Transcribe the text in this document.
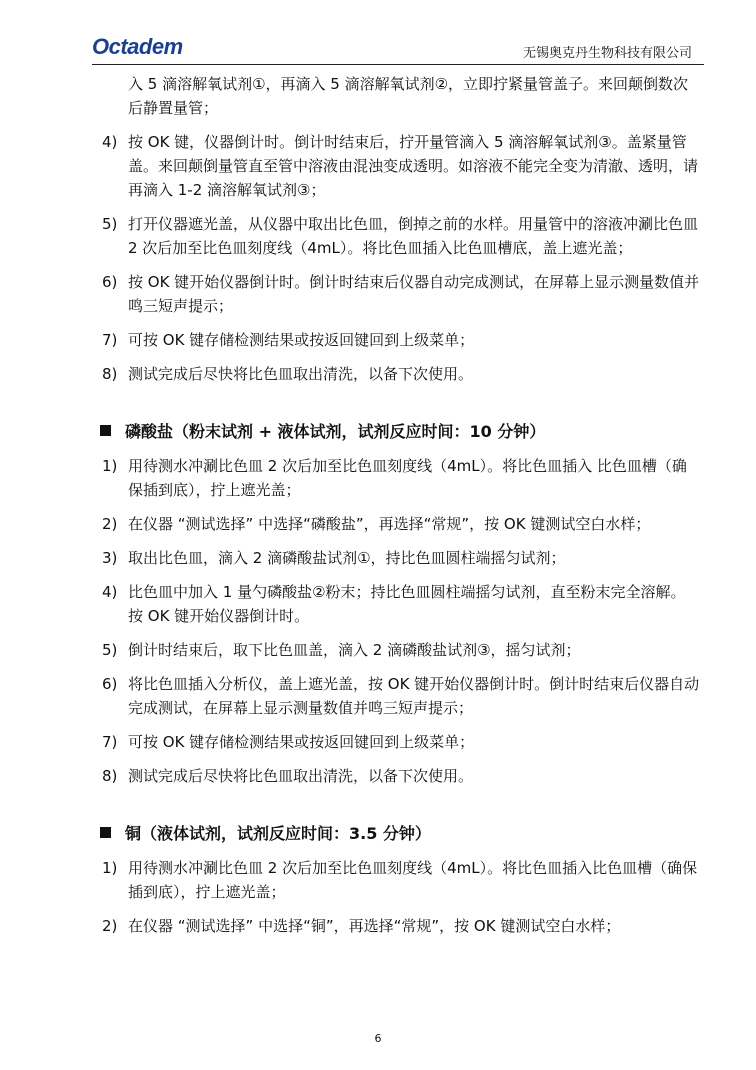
Octadem	无锡奥克丹生物科技有限公司
入 5 滴溶解氧试剂①，再滴入 5 滴溶解氧试剂②，立即拧紧量管盖子。来回颠倒数次后静置量管；
4) 按 OK 键，仪器倒计时。倒计时结束后，拧开量管滴入 5 滴溶解氧试剂③。盖紧量管盖。来回颠倒量管直至管中溶液由混浊变成透明。如溶液不能完全变为清澈、透明，请再滴入 1-2 滴溶解氧试剂③；
5) 打开仪器遮光盖，从仪器中取出比色皿，倒掉之前的水样。用量管中的溶液冲涮比色皿 2 次后加至比色皿刻度线（4mL）。将比色皿插入比色皿槽底，盖上遮光盖；
6) 按 OK 键开始仪器倒计时。倒计时结束后仪器自动完成测试，在屏幕上显示测量数值并鸣三短声提示；
7) 可按 OK 键存储检测结果或按返回键回到上级菜单；
8) 测试完成后尽快将比色皿取出清洗，以备下次使用。
磷酸盐（粉末试剂 + 液体试剂，试剂反应时间：10 分钟）
1) 用待测水冲涮比色皿 2 次后加至比色皿刻度线（4mL）。将比色皿插入 比色皿槽（确保插到底），拧上遮光盖；
2) 在仪器 “测试选择” 中选择“磷酸盐”，再选择“常规”，按 OK 键测试空白水样；
3) 取出比色皿，滴入 2 滴磷酸盐试剂①，持比色皿圆柱端摇匀试剂；
4) 比色皿中加入 1 量勺磷酸盐②粉末；持比色皿圆柱端摇匀试剂，直至粉末完全溶解。按 OK 键开始仪器倒计时。
5) 倒计时结束后，取下比色皿盖，滴入 2 滴磷酸盐试剂③，摇匀试剂；
6) 将比色皿插入分析仪，盖上遮光盖，按 OK 键开始仪器倒计时。倒计时结束后仪器自动完成测试，在屏幕上显示测量数值并鸣三短声提示；
7) 可按 OK 键存储检测结果或按返回键回到上级菜单；
8) 测试完成后尽快将比色皿取出清洗，以备下次使用。
铜（液体试剂，试剂反应时间：3.5 分钟）
1) 用待测水冲涮比色皿 2 次后加至比色皿刻度线（4mL）。将比色皿插入比色皿槽（确保插到底），拧上遮光盖；
2) 在仪器 “测试选择” 中选择“铜”，再选择“常规”，按 OK 键测试空白水样；
6
